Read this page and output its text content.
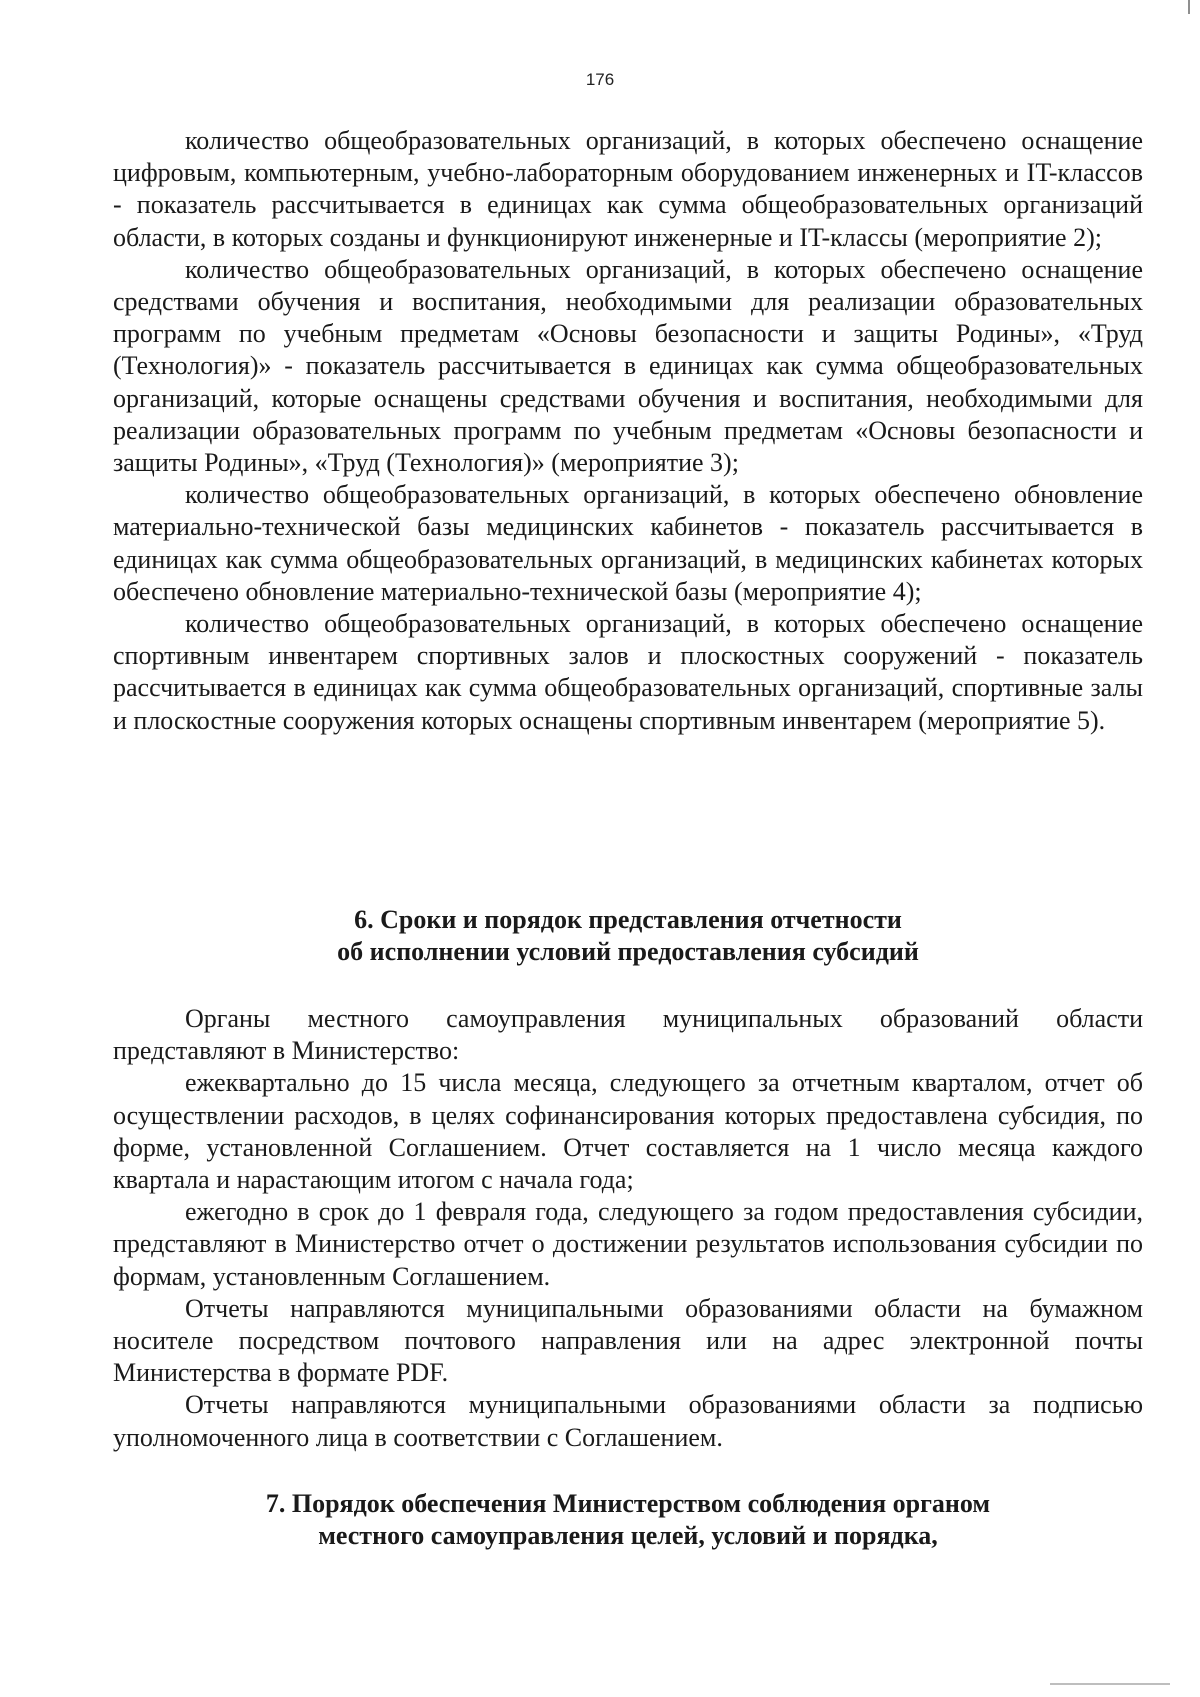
176

количество общеобразовательных организаций, в которых обеспечено оснащение цифровым, компьютерным, учебно-лабораторным оборудованием инженерных и IT-классов - показатель рассчитывается в единицах как сумма общеобразовательных организаций области, в которых созданы и функционируют инженерные и IT-классы (мероприятие 2);

количество общеобразовательных организаций, в которых обеспечено оснащение средствами обучения и воспитания, необходимыми для реализации образовательных программ по учебным предметам «Основы безопасности и защиты Родины», «Труд (Технология)» - показатель рассчитывается в единицах как сумма общеобразовательных организаций, которые оснащены средствами обучения и воспитания, необходимыми для реализации образовательных программ по учебным предметам «Основы безопасности и защиты Родины», «Труд (Технология)» (мероприятие 3);

количество общеобразовательных организаций, в которых обеспечено обновление материально-технической базы медицинских кабинетов - показатель рассчитывается в единицах как сумма общеобразовательных организаций, в медицинских кабинетах которых обеспечено обновление материально-технической базы (мероприятие 4);

количество общеобразовательных организаций, в которых обеспечено оснащение спортивным инвентарем спортивных залов и плоскостных сооружений - показатель рассчитывается в единицах как сумма общеобразовательных организаций, спортивные залы и плоскостные сооружения которых оснащены спортивным инвентарем (мероприятие 5).

6. Сроки и порядок представления отчетности
об исполнении условий предоставления субсидий

Органы местного самоуправления муниципальных образований области представляют в Министерство:

ежеквартально до 15 числа месяца, следующего за отчетным кварталом, отчет об осуществлении расходов, в целях софинансирования которых предоставлена субсидия, по форме, установленной Соглашением. Отчет составляется на 1 число месяца каждого квартала и нарастающим итогом с начала года;

ежегодно в срок до 1 февраля года, следующего за годом предоставления субсидии, представляют в Министерство отчет о достижении результатов использования субсидии по формам, установленным Соглашением.

Отчеты направляются муниципальными образованиями области на бумажном носителе посредством почтового направления или на адрес электронной почты Министерства в формате PDF.

Отчеты направляются муниципальными образованиями области за подписью уполномоченного лица в соответствии с Соглашением.

7. Порядок обеспечения Министерством соблюдения органом
местного самоуправления целей, условий и порядка,
